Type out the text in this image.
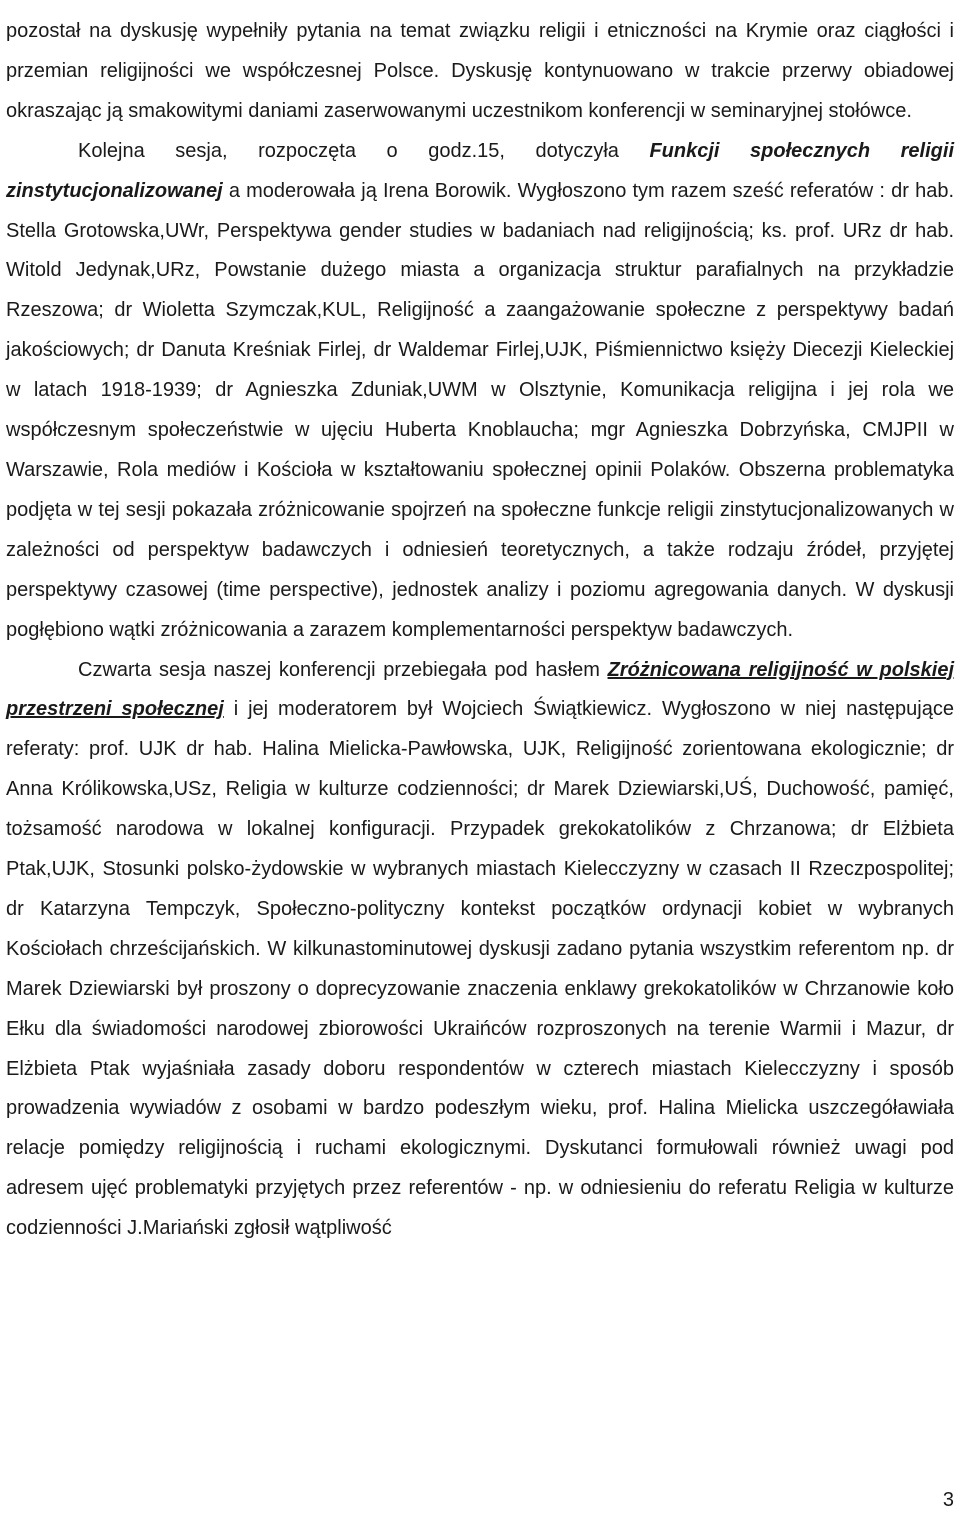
pozostał na dyskusję wypełniły pytania na temat związku religii i etniczności na Krymie oraz ciągłości i przemian religijności we współczesnej Polsce. Dyskusję kontynuowano w trakcie przerwy obiadowej okraszając ją smakowitymi daniami zaserwowanymi uczestnikom konferencji w seminaryjnej stołówce.

Kolejna sesja, rozpoczęta o godz.15, dotyczyła Funkcji społecznych religii zinstytucjonalizowanej a moderowała ją Irena Borowik. Wygłoszono tym razem sześć referatów : dr hab. Stella Grotowska,UWr, Perspektywa gender studies w badaniach nad religijnością; ks. prof. URz dr hab. Witold Jedynak,URz, Powstanie dużego miasta a organizacja struktur parafialnych na przykładzie Rzeszowa; dr Wioletta Szymczak,KUL, Religijność a zaangażowanie społeczne z perspektywy badań jakościowych; dr Danuta Kreśniak Firlej, dr Waldemar Firlej,UJK, Piśmiennictwo księży Diecezji Kieleckiej w latach 1918-1939; dr Agnieszka Zduniak,UWM w Olsztynie, Komunikacja religijna i jej rola we współczesnym społeczeństwie w ujęciu Huberta Knoblaucha; mgr Agnieszka Dobrzyńska, CMJPII w Warszawie, Rola mediów i Kościoła w kształtowaniu społecznej opinii Polaków. Obszerna problematyka podjęta w tej sesji pokazała zróżnicowanie spojrzeń na społeczne funkcje religii zinstytucjonalizowanych w zależności od perspektyw badawczych i odniesień teoretycznych, a także rodzaju źródeł, przyjętej perspektywy czasowej (time perspective), jednostek analizy i poziomu agregowania danych. W dyskusji pogłębiono wątki zróżnicowania a zarazem komplementarności perspektyw badawczych.

Czwarta sesja naszej konferencji przebiegała pod hasłem Zróżnicowana religijność w polskiej przestrzeni społecznej i jej moderatorem był Wojciech Świątkiewicz. Wygłoszono w niej następujące referaty: prof. UJK dr hab. Halina Mielicka-Pawłowska, UJK, Religijność zorientowana ekologicznie; dr Anna Królikowska,USz, Religia w kulturze codzienności; dr Marek Dziewiarski,UŚ, Duchowość, pamięć, tożsamość narodowa w lokalnej konfiguracji. Przypadek grekokatolików z Chrzanowa; dr Elżbieta Ptak,UJK, Stosunki polsko-żydowskie w wybranych miastach Kielecczyzny w czasach II Rzeczpospolitej; dr Katarzyna Tempczyk, Społeczno-polityczny kontekst początków ordynacji kobiet w wybranych Kościołach chrześcijańskich. W kilkunastominutowej dyskusji zadano pytania wszystkim referentom np. dr Marek Dziewiarski był proszony o doprecyzowanie znaczenia enklawy grekokatolików w Chrzanowie koło Ełku dla świadomości narodowej zbiorowości Ukraińców rozproszonych na terenie Warmii i Mazur, dr Elżbieta Ptak wyjaśniała zasady doboru respondentów w czterech miastach Kielecczyzny i sposób prowadzenia wywiadów z osobami w bardzo podeszłym wieku, prof. Halina Mielicka uszczegóławiała relacje pomiędzy religijnością i ruchami ekologicznymi. Dyskutanci formułowali również uwagi pod adresem ujęć problematyki przyjętych przez referentów - np. w odniesieniu do referatu Religia w kulturze codzienności J.Mariański zgłosił wątpliwość

3
